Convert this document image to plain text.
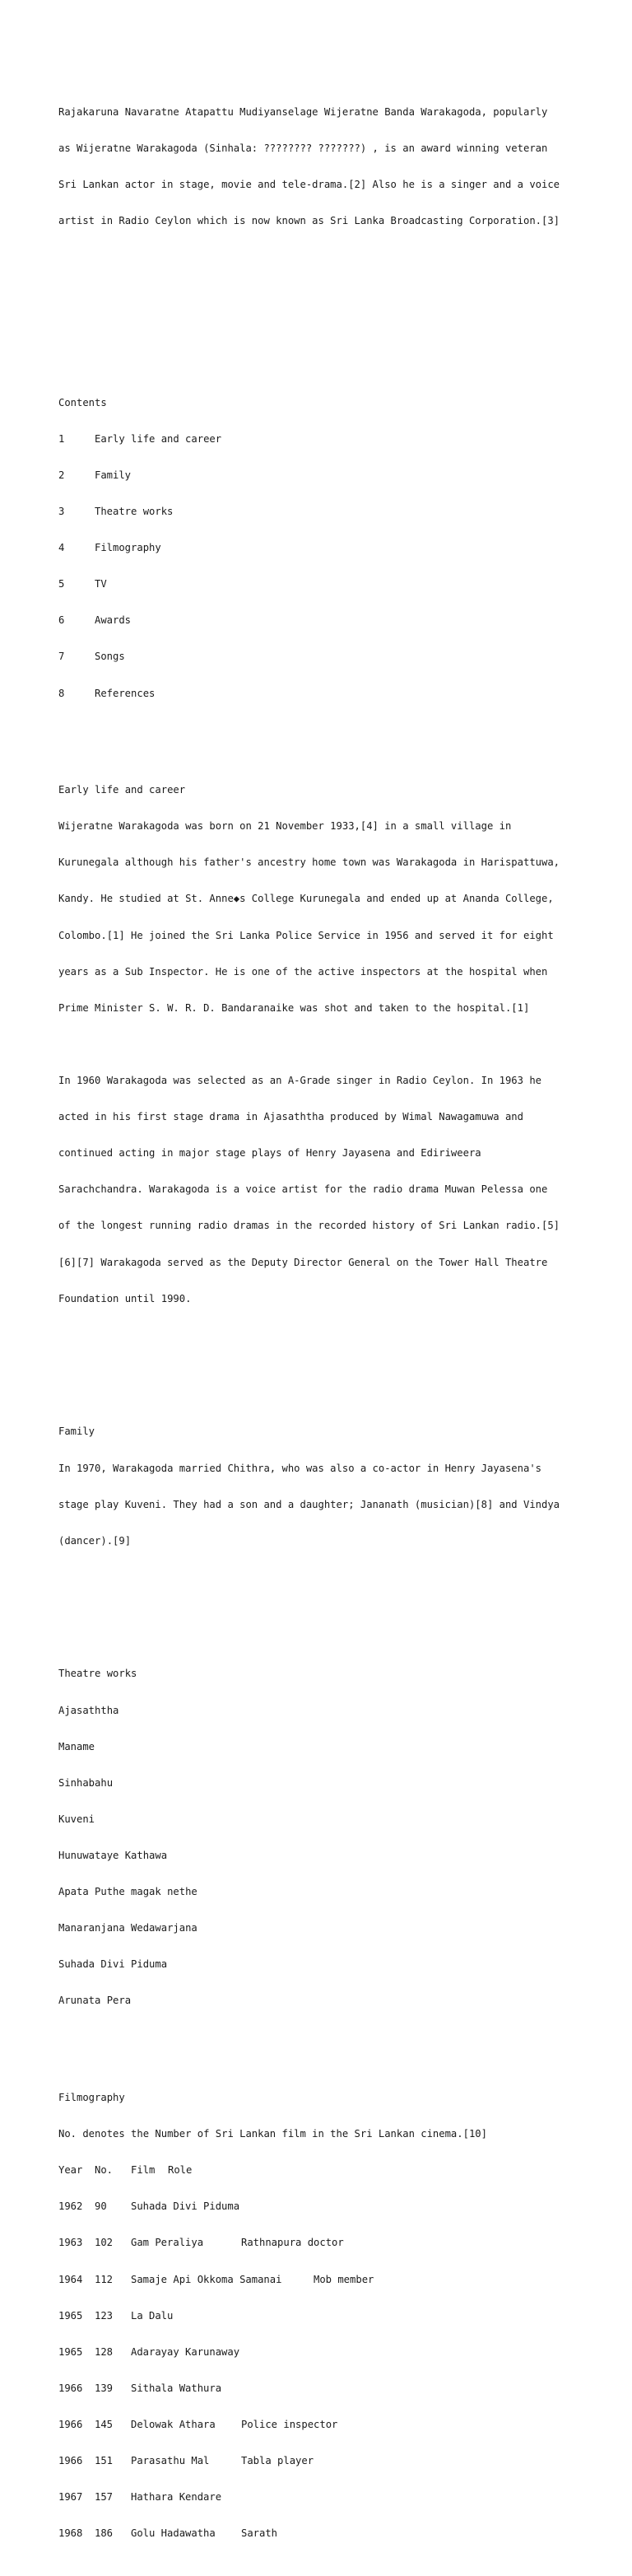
Rajakaruna Navaratne Atapattu Mudiyanselage Wijeratne Banda Warakagoda, popularly

as Wijeratne Warakagoda (Sinhala: ???????? ???????) , is an award winning veteran

Sri Lankan actor in stage, movie and tele-drama.[2] Also he is a singer and a voice

artist in Radio Ceylon which is now known as Sri Lanka Broadcasting Corporation.[3]

Contents

1	Early life and career

2	Family

3	Theatre works

4	Filmography

5	TV

6	Awards

7	Songs

8	References

Early life and career

Wijeratne Warakagoda was born on 21 November 1933,[4] in a small village in

Kurunegala although his father's ancestry home town was Warakagoda in Harispattuwa,

Kandy. He studied at St. Anne◆s College Kurunegala and ended up at Ananda College,

Colombo.[1] He joined the Sri Lanka Police Service in 1956 and served it for eight

years as a Sub Inspector. He is one of the active inspectors at the hospital when

Prime Minister S. W. R. D. Bandaranaike was shot and taken to the hospital.[1]

In 1960 Warakagoda was selected as an A-Grade singer in Radio Ceylon. In 1963 he

acted in his first stage drama in Ajasaththa produced by Wimal Nawagamuwa and

continued acting in major stage plays of Henry Jayasena and Ediriweera

Sarachchandra. Warakagoda is a voice artist for the radio drama Muwan Pelessa one

of the longest running radio dramas in the recorded history of Sri Lankan radio.[5]

[6][7] Warakagoda served as the Deputy Director General on the Tower Hall Theatre

Foundation until 1990.

Family

In 1970, Warakagoda married Chithra, who was also a co-actor in Henry Jayasena's

stage play Kuveni. They had a son and a daughter; Jananath (musician)[8] and Vindya

(dancer).[9]

Theatre works

Ajasaththa

Maname

Sinhabahu

Kuveni

Hunuwataye Kathawa

Apata Puthe magak nethe

Manaranjana Wedawarjana

Suhada Divi Piduma

Arunata Pera

Filmography

No. denotes the Number of Sri Lankan film in the Sri Lankan cinema.[10]

Year No. Film Role

1962 90 Suhada Divi Piduma

1963 102 Gam Peraliya	Rathnapura doctor

1964 112 Samaje Api Okkoma Samanai	Mob member

1965 123 La Dalu

1965 128 Adarayay Karunaway

1966 139 Sithala Wathura

1966 145 Delowak Athara	Police inspector

1966 151 Parasathu Mal	Tabla player

1967 157 Hathara Kendare

1968 186 Golu Hadawatha	Sarath
